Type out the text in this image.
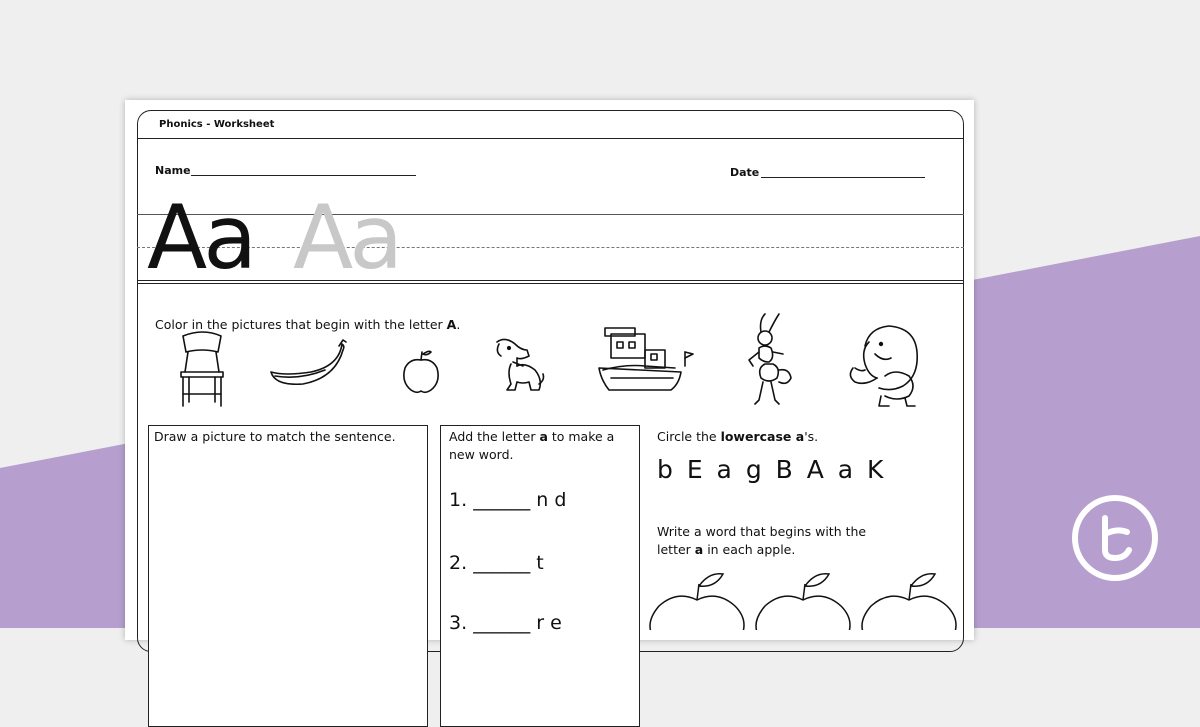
Phonics - Worksheet
Name	Date
Aa Aa
Color in the pictures that begin with the letter A.
Draw a picture to match the sentence.	Add the letter a to make a new word.
1. ______ n d
2. ______ t
3. ______ r e
Circle the lowercase a's.
b E a g B A a K
Write a word that begins with the letter a in each apple.
